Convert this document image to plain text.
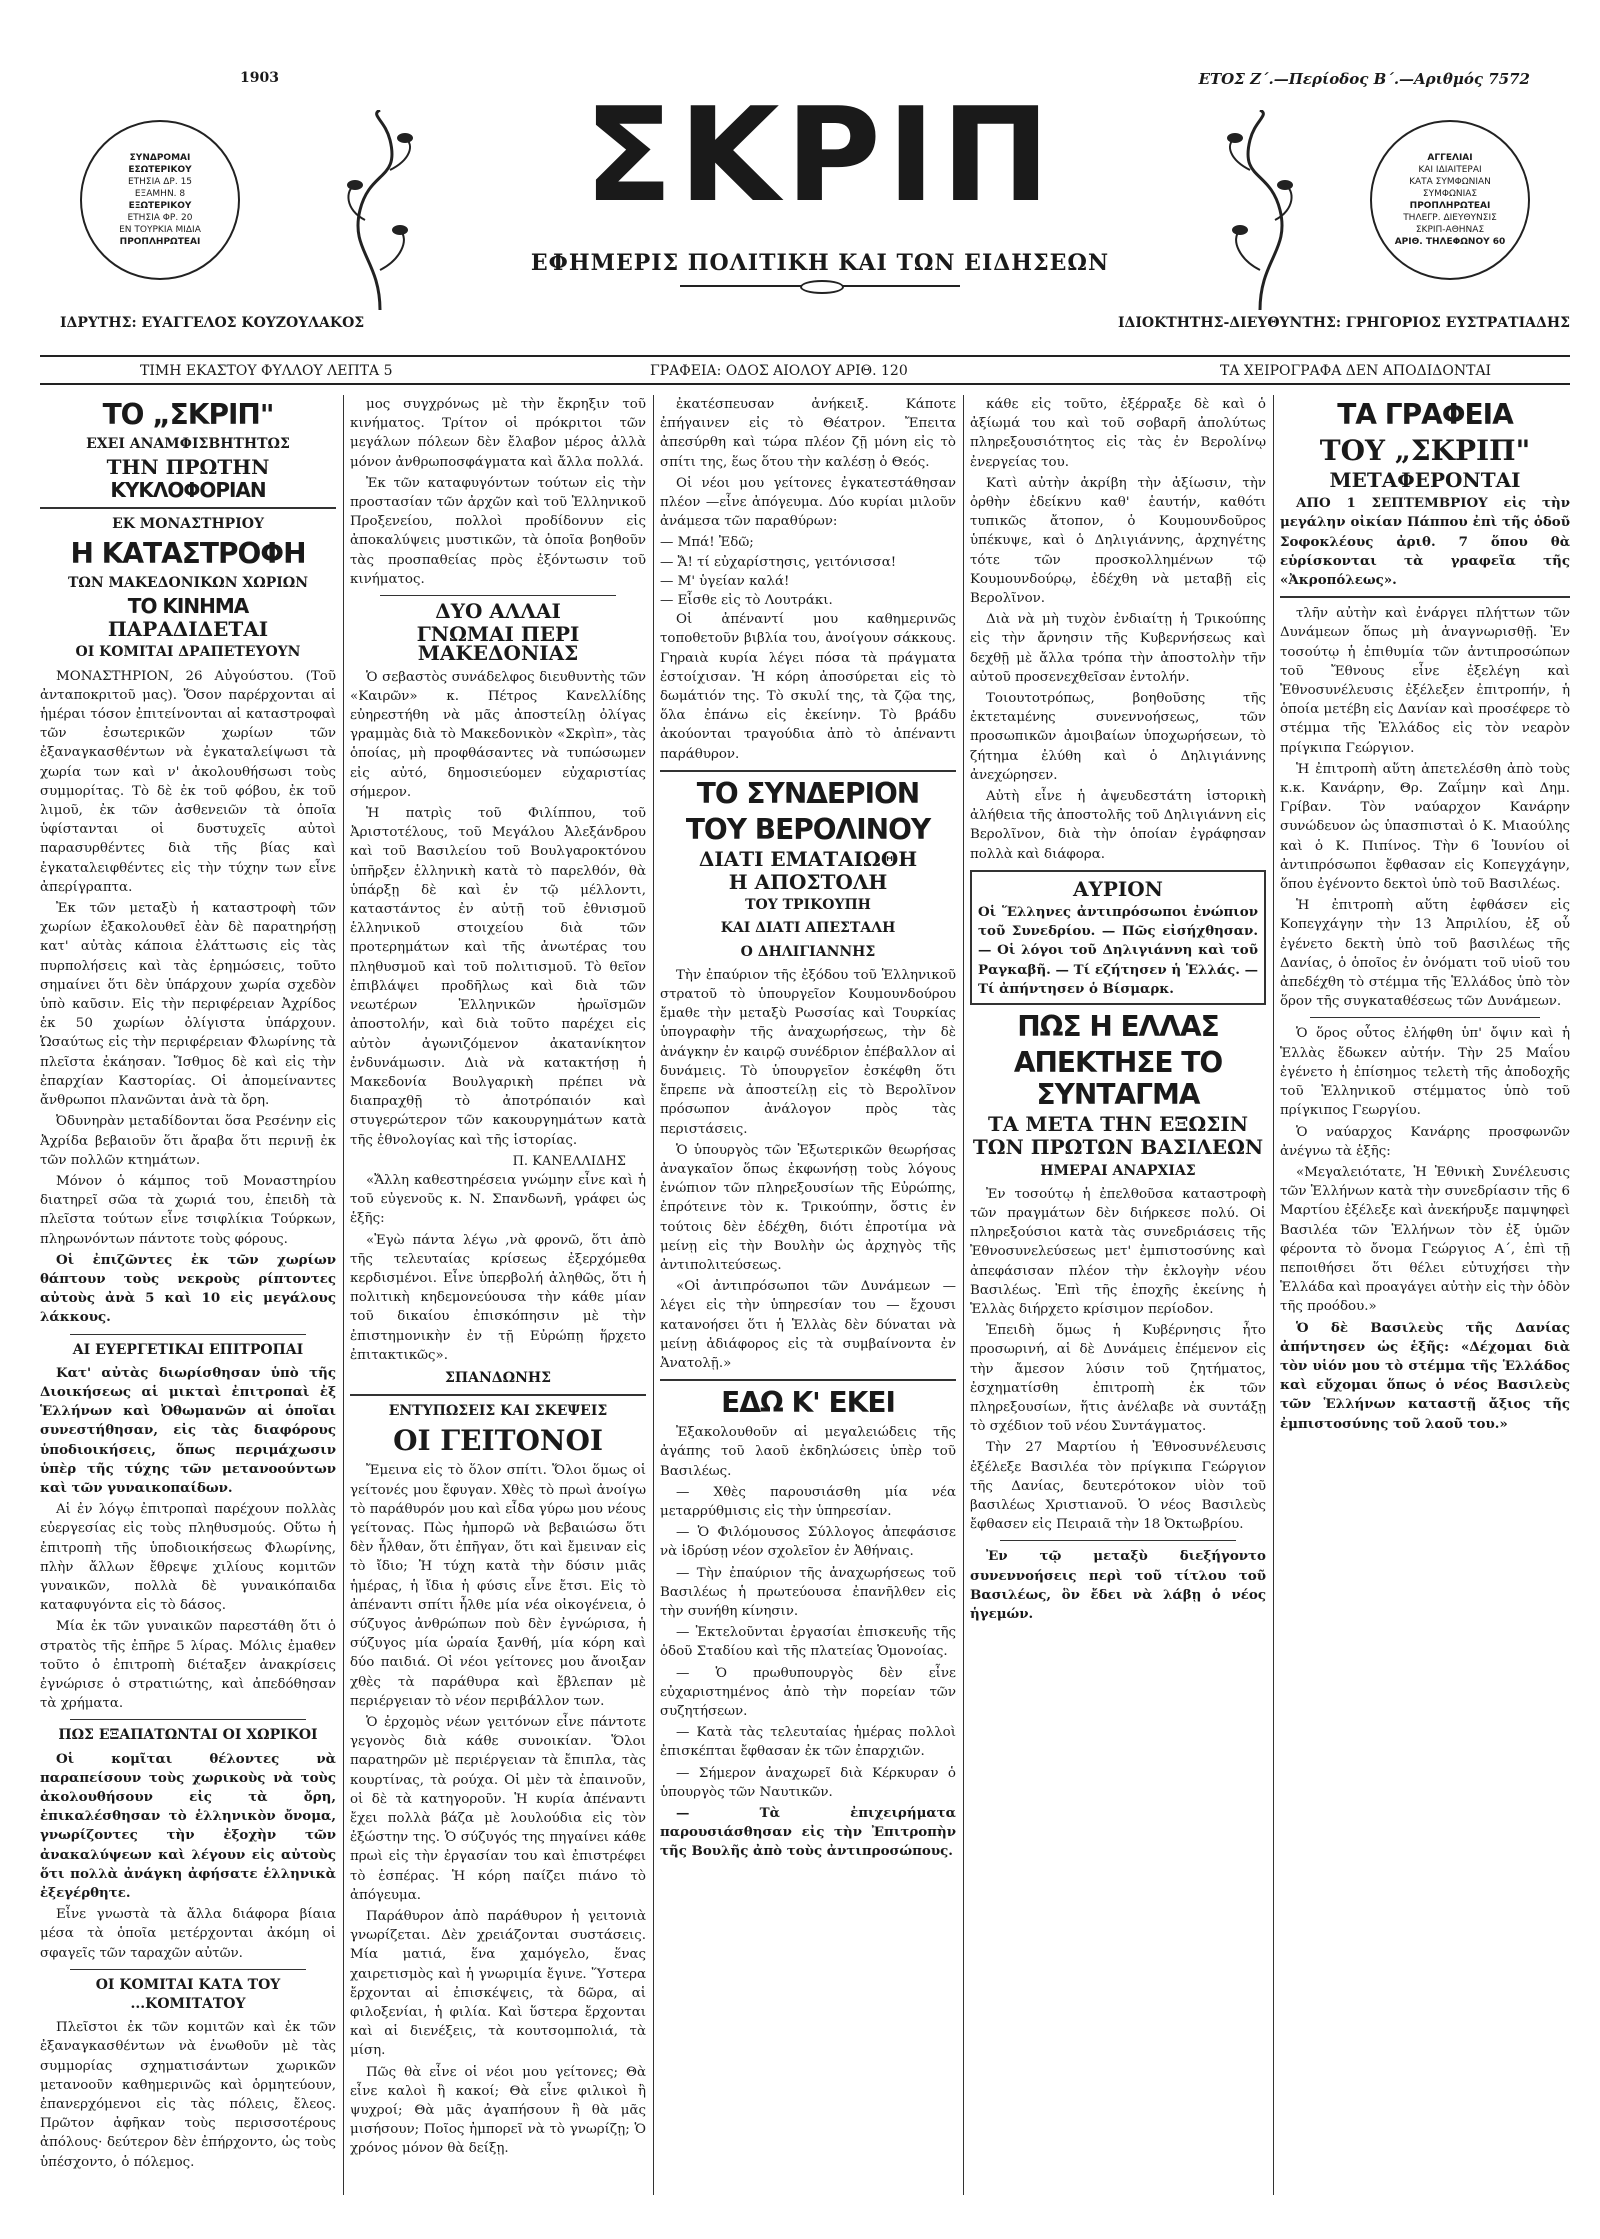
1903	ΕΤΟΣ Z΄.—Περίοδος Β΄.—Αριθμός 7572
ΣΥΝΔΡΟΜΑΙ
ΕΣΩΤΕΡΙΚΟΥ
ΕΤΗΣΙΑ ΔΡ. 15
ΕΞΑΜΗΝ. 8

ΕΞΩΤΕΡΙΚΟΥ
ΕΤΗΣΙΑ ΦΡ. 20
ΕΝ ΤΟΥΡΚΙΑ ΜΙΔΙΑ

ΠΡΟΠΛΗΡΩΤΕΑΙ
ΣΚΡΙΠ
ΕΦΗΜΕΡΙΣ ΠΟΛΙΤΙΚΗ ΚΑΙ ΤΩΝ ΕΙΔΗΣΕΩΝ
ΑΓΓΕΛΙΑΙ
ΚΑΙ ΙΔΙΑΙΤΕΡΑΙ
ΚΑΤΑ ΣΥΜΦΩΝΙΑΝ
ΣΥΜΦΩΝΙΑΣ

ΠΡΟΠΛΗΡΩΤΕΑΙ
ΤΗΛΕΓΡ. ΔΙΕΥΘΥΝΣΙΣ
ΣΚΡΙΠ-ΑΘΗΝΑΣ

ΑΡΙΘ. ΤΗΛΕΦΩΝΟΥ 60
ΙΔΡΥΤΗΣ: ΕΥΑΓΓΕΛΟΣ ΚΟΥΖΟΥΛΑΚΟΣ	ΙΔΙΟΚΤΗΤΗΣ-ΔΙΕΥΘΥΝΤΗΣ: ΓΡΗΓΟΡΙΟΣ ΕΥΣΤΡΑΤΙΑΔΗΣ
ΤΙΜΗ ΕΚΑΣΤΟΥ ΦΥΛΛΟΥ ΛΕΠΤΑ 5	ΓΡΑΦΕΙΑ: ΟΔΟΣ ΑΙΟΛΟΥ ΑΡΙΘ. 120	ΤΑ ΧΕΙΡΟΓΡΑΦΑ ΔΕΝ ΑΠΟΔΙΔΟΝΤΑΙ
ΤΟ „ΣΚΡΙΠ"
ΕΧΕΙ ΑΝΑΜΦΙΣΒΗΤΗΤΩΣ
ΤΗΝ ΠΡΩΤΗΝ
ΚΥΚΛΟΦΟΡΙΑΝ
ΕΚ ΜΟΝΑΣΤΗΡΙΟΥ
Η ΚΑΤΑΣΤΡΟΦΗ
ΤΩΝ ΜΑΚΕΔΟΝΙΚΩΝ ΧΩΡΙΩΝ
ΤΟ ΚΙΝΗΜΑ
ΠΑΡΑΔΙΔΕΤΑΙ
ΟΙ ΚΟΜΙΤΑΙ ΔΡΑΠΕΤΕΥΟΥΝ

ΜΟΝΑΣΤΗΡΙΟΝ, 26 Αὐγούστου. (Τοῦ ἀνταποκριτοῦ μας). Ὅσον παρέρχονται αἱ ἡμέραι τόσον ἐπιτείνονται αἱ καταστροφαὶ τῶν ἐσωτερικῶν χωρίων τῶν ἐξαναγκασθέντων νὰ ἐγκαταλείψωσι τὰ χωρία των καὶ ν' ἀκολουθήσωσι τοὺς συμμορίτας. Τὸ δὲ ἐκ τοῦ φόβου, ἐκ τοῦ λιμοῦ, ἐκ τῶν ἀσθενειῶν τὰ ὁποῖα ὑφίστανται οἱ δυστυχεῖς αὐτοὶ παρασυρθέντες διὰ τῆς βίας καὶ ἐγκαταλειφθέντες εἰς τὴν τύχην των εἶνε ἀπερίγραπτα.

Ἐκ τῶν μεταξὺ ἡ καταστροφὴ τῶν χωρίων ἐξακολουθεῖ ἐὰν δὲ παρατηρήσῃ κατ' αὐτὰς κάποια ἐλάττωσις εἰς τὰς πυρπολήσεις καὶ τὰς ἐρημώσεις, τοῦτο σημαίνει ὅτι δὲν ὑπάρχουν χωρία σχεδὸν ὑπὸ καῦσιν. Εἰς τὴν περιφέρειαν Ἀχρίδος ἐκ 50 χωρίων ὀλίγιστα ὑπάρχουν. Ὡσαύτως εἰς τὴν περιφέρειαν Φλωρίνης τὰ πλεῖστα ἐκάησαν. Ἴσθμος δὲ καὶ εἰς τὴν ἐπαρχίαν Καστορίας. Οἱ ἀπομείναντες ἄνθρωποι πλανῶνται ἀνὰ τὰ ὄρη.

Ὀδυνηρὰν μεταδίδονται ὅσα Ρεσένην εἰς Ἀχρίδα βεβαιοῦν ὅτι ἄραβα ὅτι περινῇ ἐκ τῶν πολλῶν κτημάτων.

Μόνον ὁ κάμπος τοῦ Μοναστηρίου διατηρεῖ σῶα τὰ χωριά του, ἐπειδὴ τὰ πλεῖστα τούτων εἶνε τσιφλίκια Τούρκων, πληρωνόντων πάντοτε τοὺς φόρους.

Οἱ ἐπιζῶντες ἐκ τῶν χωρίων θάπτουν τοὺς νεκροὺς ρίπτοντες αὐτοὺς ἀνὰ 5 καὶ 10 εἰς μεγάλους λάκκους.

ΑΙ ΕΥΕΡΓΕΤΙΚΑΙ ΕΠΙΤΡΟΠΑΙ

Κατ' αὐτὰς διωρίσθησαν ὑπὸ τῆς Διοικήσεως αἱ μικταὶ ἐπιτροπαὶ ἐξ Ἑλλήνων καὶ Ὀθωμανῶν αἱ ὁποῖαι συνεστήθησαν, εἰς τὰς διαφόρους ὑποδιοικήσεις, ὅπως περιμάχωσιν ὑπὲρ τῆς τύχης τῶν μετανοούντων καὶ τῶν γυναικοπαίδων.

Αἱ ἐν λόγῳ ἐπιτροπαὶ παρέχουν πολλὰς εὐεργεσίας εἰς τοὺς πληθυσμούς. Οὕτω ἡ ἐπιτροπὴ τῆς ὑποδιοικήσεως Φλωρίνης, πλὴν ἄλλων ἔθρεψε χιλίους κομιτῶν γυναικῶν, πολλὰ δὲ γυναικόπαιδα καταφυγόντα εἰς τὸ δάσος.

Μία ἐκ τῶν γυναικῶν παρεστάθη ὅτι ὁ στρατὸς τῆς ἐπῆρε 5 λίρας. Μόλις ἐμαθεν τοῦτο ὁ ἐπιτροπὴ διέταξεν ἀνακρίσεις ἐγνώρισε ὁ στρατιώτης, καὶ ἀπεδόθησαν τὰ χρήματα.

ΠΩΣ ΕΞΑΠΑΤΩΝΤΑΙ ΟΙ ΧΩΡΙΚΟΙ

Οἱ κομῖται θέλοντες νὰ παραπείσουν τοὺς χωρικοὺς νὰ τοὺς ἀκολουθήσουν εἰς τὰ ὄρη, ἐπικαλέσθησαν τὸ ἑλληνικὸν ὄνομα, γνωρίζοντες τὴν ἐξοχὴν τῶν ἀνακαλύψεων καὶ λέγουν εἰς αὐτοὺς ὅτι πολλὰ ἀνάγκη ἀφήσατε ἑλληνικὰ ἐξεγέρθητε.

Εἶνε γνωστὰ τὰ ἄλλα διάφορα βίαια μέσα τὰ ὁποῖα μετέρχονται ἀκόμη οἱ σφαγεῖς τῶν ταραχῶν αὐτῶν.

ΟΙ ΚΟΜΙΤΑΙ ΚΑΤΑ ΤΟΥ ...ΚΟΜΙΤΑΤΟΥ

Πλεῖστοι ἐκ τῶν κομιτῶν καὶ ἐκ τῶν ἐξαναγκασθέντων νὰ ἑνωθοῦν μὲ τὰς συμμορίας σχηματισάντων χωρικῶν μετανοοῦν καθημερινῶς καὶ ὁρμητεύουν, ἐπανερχόμενοι εἰς τὰς πόλεις, ἔλεος. Πρῶτον ἀφῆκαν τοὺς περισσοτέρους ἀπόλους· δεύτερον δὲν ἐπήρχοντο, ὡς τοὺς ὑπέσχοντο, ὁ πόλεμος.

μος συγχρόνως μὲ τὴν ἔκρηξιν τοῦ κινήματος. Τρίτον οἱ πρόκριτοι τῶν μεγάλων πόλεων δὲν ἔλαβον μέρος ἀλλὰ μόνον ἀνθρωποσφάγματα καὶ ἄλλα πολλά.

Ἐκ τῶν καταφυγόντων τούτων εἰς τὴν προστασίαν τῶν ἀρχῶν καὶ τοῦ Ἑλληνικοῦ Προξενείου, πολλοὶ προδίδονυν εἰς ἀποκαλύψεις μυστικῶν, τὰ ὁποῖα βοηθοῦν τὰς προσπαθείας πρὸς ἐξόντωσιν τοῦ κινήματος.

ΔΥΟ ΑΛΛΑΙ
ΓΝΩΜΑΙ ΠΕΡΙ ΜΑΚΕΔΟΝΙΑΣ

Ὁ σεβαστὸς συνάδελφος διευθυντὴς τῶν «Καιρῶν» κ. Πέτρος Κανελλίδης εὐηρεστήθη νὰ μᾶς ἀποστείλῃ ὀλίγας γραμμὰς διὰ τὸ Μακεδονικὸν «Σκρὶπ», τὰς ὁποίας, μὴ προφθάσαντες νὰ τυπώσωμεν εἰς αὐτό, δημοσιεύομεν εὐχαριστίας σήμερον.

Ἡ πατρὶς τοῦ Φιλίππου, τοῦ Ἀριστοτέλους, τοῦ Μεγάλου Ἀλεξάνδρου καὶ τοῦ Βασιλείου τοῦ Βουλγαροκτόνου ὑπῆρξεν ἑλληνικὴ κατὰ τὸ παρελθόν, θὰ ὑπάρξῃ δὲ καὶ ἐν τῷ μέλλοντι, καταστάντος ἐν αὐτῇ τοῦ ἐθνισμοῦ ἑλληνικοῦ στοιχείου διὰ τῶν προτερημάτων καὶ τῆς ἀνωτέρας του πληθυσμοῦ καὶ τοῦ πολιτισμοῦ. Τὸ θεῖον ἐπιβλάψει προδῆλως καὶ διὰ τῶν νεωτέρων Ἑλληνικῶν ἠρωϊσμῶν ἀποστολήν, καὶ διὰ τοῦτο παρέχει εἰς αὐτὸν ἀγωνιζόμενον ἀκατανίκητον ἐνδυνάμωσιν. Διὰ νὰ κατακτήσῃ ἡ Μακεδονία Βουλγαρικὴ πρέπει νὰ διαπραχθῇ τὸ ἀποτρόπαιόν καὶ στυγερώτερον τῶν κακουργημάτων κατὰ τῆς ἐθνολογίας καὶ τῆς ἱστορίας.

Π. ΚΑΝΕΛΛΙΔΗΣ

«Ἄλλη καθεστηρέσεια γνώμην εἶνε καὶ ἡ τοῦ εὐγενοῦς κ. Ν. Σπανδωνῆ, γράφει ὡς ἑξῆς:

«Ἐγὼ πάντα λέγω ,νὰ φρονῶ, ὅτι ἀπὸ τῆς τελευταίας κρίσεως ἐξερχόμεθα κερδισμένοι. Εἶνε ὑπερβολή ἀληθῶς, ὅτι ἡ πολιτικὴ κηδεμονεύουσα τὴν κάθε μίαν τοῦ δικαίου ἐπισκόπησιν μὲ τὴν ἐπιστημονικὴν ἐν τῇ Εὐρώπῃ ἥρχετο ἐπιτακτικῶς».

ΣΠΑΝΔΩΝΗΣ
ΕΝΤΥΠΩΣΕΙΣ ΚΑΙ ΣΚΕΨΕΙΣ
ΟΙ ΓΕΙΤΟΝΟΙ

Ἔμεινα εἰς τὸ ὅλον σπίτι. Ὅλοι ὅμως οἱ γείτονές μου ἔφυγαν. Χθὲς τὸ πρωὶ ἀνοίγω τὸ παράθυρόν μου καὶ εἶδα γύρω μου νέους γείτονας. Πὼς ἠμπορῶ νὰ βεβαιώσω ὅτι δὲν ἦλθαν, ὅτι ἐπῆγαν, ὅτι καὶ ἔμειναν εἰς τὸ ἴδιο; Ἡ τύχη κατὰ τὴν δύσιν μιᾶς ἡμέρας, ἡ ἴδια ἡ φύσις εἶνε ἔτσι. Εἰς τὸ ἀπέναντι σπίτι ἦλθε μία νέα οἰκογένεια, ὁ σύζυγος ἀνθρώπων ποὺ δὲν ἐγνώρισα, ἡ σύζυγος μία ὡραία ξανθή, μία κόρη καὶ δύο παιδιά. Οἱ νέοι γείτονες μου ἄνοιξαν χθὲς τὰ παράθυρα καὶ ἔβλεπαν μὲ περιέργειαν τὸ νέον περιβάλλον των.

Ὁ ἐρχομὸς νέων γειτόνων εἶνε πάντοτε γεγονὸς διὰ κάθε συνοικίαν. Ὅλοι παρατηρῶν μὲ περιέργειαν τὰ ἔπιπλα, τὰς κουρτίνας, τὰ ρούχα. Οἱ μὲν τὰ ἐπαινοῦν, οἱ δὲ τὰ κατηγοροῦν. Ἡ κυρία ἀπέναντι ἔχει πολλὰ βάζα μὲ λουλούδια εἰς τὸν ἐξώστην της. Ὁ σύζυγός της πηγαίνει κάθε πρωὶ εἰς τὴν ἐργασίαν του καὶ ἐπιστρέφει τὸ ἑσπέρας. Ἡ κόρη παίζει πιάνο τὸ ἀπόγευμα.

Παράθυρον ἀπὸ παράθυρον ἡ γειτονιὰ γνωρίζεται. Δὲν χρειάζονται συστάσεις. Μία ματιά, ἕνα χαμόγελο, ἕνας χαιρετισμὸς καὶ ἡ γνωριμία ἔγινε. Ὕστερα ἔρχονται αἱ ἐπισκέψεις, τὰ δῶρα, αἱ φιλοξενίαι, ἡ φιλία. Καὶ ὕστερα ἔρχονται καὶ αἱ διενέξεις, τὰ κουτσομπολιά, τὰ μίση.

Πῶς θὰ εἶνε οἱ νέοι μου γείτονες; Θὰ εἶνε καλοὶ ἢ κακοί; Θὰ εἶνε φιλικοὶ ἢ ψυχροί; Θὰ μᾶς ἀγαπήσουν ἢ θὰ μᾶς μισήσουν; Ποῖος ἠμπορεῖ νὰ τὸ γνωρίζῃ; Ὁ χρόνος μόνον θὰ δείξῃ.

ἐκατέσπευσαν ἀνήκειξ. Κάποτε ἐπήγαινεν εἰς τὸ Θέατρον. Ἔπειτα ἀπεσύρθη καὶ τώρα πλέον ζῇ μόνη εἰς τὸ σπίτι της, ἕως ὅτου τὴν καλέσῃ ὁ Θεός.

Οἱ νέοι μου γείτονες ἐγκατεστάθησαν πλέον —εἶνε ἀπόγευμα. Δύο κυρίαι μιλοῦν ἀνάμεσα τῶν παραθύρων:

— Μπά! Ἐδῶ;

— Ἄ! τί εὐχαρίστησις, γειτόνισσα!

— Μ' ὑγείαν καλά!

— Εἶσθε εἰς τὸ Λουτράκι.

Οἱ ἀπέναντί μου καθημερινῶς τοποθετοῦν βιβλία του, ἀνοίγουν σάκκους. Γηραιὰ κυρία λέγει πόσα τὰ πράγματα ἐστοίχισαν. Ἡ κόρη ἀποσύρεται εἰς τὸ δωμάτιόν της. Τὸ σκυλί της, τὰ ζῷα της, ὅλα ἐπάνω εἰς ἐκείνην. Τὸ βράδυ ἀκούονται τραγούδια ἀπὸ τὸ ἀπέναντι παράθυρον.

ΤΟ ΣΥΝΔΕΡΙΟΝ
ΤΟΥ ΒΕΡΟΛΙΝΟΥ
ΔΙΑΤΙ ΕΜΑΤΑΙΩΘΗ
Η ΑΠΟΣΤΟΛΗ
ΤΟΥ ΤΡΙΚΟΥΠΗ
ΚΑΙ ΔΙΑΤΙ ΑΠΕΣΤΑΛΗ
Ο ΔΗΛΙΓΙΑΝΝΗΣ

Τὴν ἐπαύριον τῆς ἐξόδου τοῦ Ἑλληνικοῦ στρατοῦ τὸ ὑπουργεῖον Κουμουνδούρου ἔμαθε τὴν μεταξὺ Ρωσσίας καὶ Τουρκίας ὑπογραφὴν τῆς ἀναχωρήσεως, τὴν δὲ ἀνάγκην ἐν καιρῷ συνέδριον ἐπέβαλλον αἱ δυνάμεις. Τὸ ὑπουργεῖον ἐσκέφθη ὅτι ἔπρεπε νὰ ἀποστείλῃ εἰς τὸ Βερολῖνον πρόσωπον ἀνάλογον πρὸς τὰς περιστάσεις.

Ὁ ὑπουργὸς τῶν Ἐξωτερικῶν θεωρήσας ἀναγκαῖον ὅπως ἐκφωνήσῃ τοὺς λόγους ἐνώπιον τῶν πληρεξουσίων τῆς Εὐρώπης, ἐπρότεινε τὸν κ. Τρικούπην, ὅστις ἐν τούτοις δὲν ἐδέχθη, διότι ἐπροτίμα νὰ μείνῃ εἰς τὴν Βουλὴν ὡς ἀρχηγὸς τῆς ἀντιπολιτεύσεως.

«Οἱ ἀντιπρόσωποι τῶν Δυνάμεων — λέγει εἰς τὴν ὑπηρεσίαν του — ἔχουσι κατανοήσει ὅτι ἡ Ἑλλὰς δὲν δύναται νὰ μείνῃ ἀδιάφορος εἰς τὰ συμβαίνοντα ἐν Ἀνατολῇ.»

ΕΔΩ Κ' ΕΚΕΙ

Ἐξακολουθοῦν αἱ μεγαλειώδεις τῆς ἀγάπης τοῦ λαοῦ ἐκδηλώσεις ὑπὲρ τοῦ Βασιλέως.

— Χθὲς παρουσιάσθη μία νέα μεταρρύθμισις εἰς τὴν ὑπηρεσίαν.

— Ὁ Φιλόμουσος Σύλλογος ἀπεφάσισε νὰ ἱδρύσῃ νέον σχολεῖον ἐν Ἀθήναις.

— Τὴν ἐπαύριον τῆς ἀναχωρήσεως τοῦ Βασιλέως ἡ πρωτεύουσα ἐπανῆλθεν εἰς τὴν συνήθη κίνησιν.

— Ἐκτελοῦνται ἐργασίαι ἐπισκευῆς τῆς ὁδοῦ Σταδίου καὶ τῆς πλατείας Ὁμονοίας.

— Ὁ πρωθυπουργὸς δὲν εἶνε εὐχαριστημένος ἀπὸ τὴν πορείαν τῶν συζητήσεων.

— Κατὰ τὰς τελευταίας ἡμέρας πολλοὶ ἐπισκέπται ἔφθασαν ἐκ τῶν ἐπαρχιῶν.

— Σήμερον ἀναχωρεῖ διὰ Κέρκυραν ὁ ὑπουργὸς τῶν Ναυτικῶν.

— Τὰ ἐπιχειρήματα παρουσιάσθησαν εἰς τὴν Ἐπιτροπὴν τῆς Βουλῆς ἀπὸ τοὺς ἀντιπροσώπους.

κάθε εἰς τοῦτο, ἐξέρραξε δὲ καὶ ὁ ἀξίωμά του καὶ τοῦ σοβαρῆ ἀπολύτως πληρεξουσιότητος εἰς τὰς ἐν Βερολίνῳ ἐνεργείας του.

Κατὶ αὐτὴν ἀκρίβη τὴν ἀξίωσιν, τὴν ὀρθὴν ἐδείκνυ καθ' ἑαυτήν, καθότι τυπικῶς ἄτοπον, ὁ Κουμουνδοῦρος ὑπέκυψε, καὶ ὁ Δηλιγιάννης, ἀρχηγέτης τότε τῶν προσκολλημένων τῷ Κουμουνδούρῳ, ἐδέχθη νὰ μεταβῇ εἰς Βερολῖνον.

Διὰ νὰ μὴ τυχὸν ἐνδιαίτῃ ἡ Τρικούπης εἰς τὴν ἄρνησιν τῆς Κυβερνήσεως καὶ δεχθῇ μὲ ἄλλα τρόπα τὴν ἀποστολὴν τῆν αὐτοῦ προσενεχθεῖσαν ἐντολήν.

Τοιουτοτρόπως, βοηθοῦσης τῆς ἐκτεταμένης συνεννοήσεως, τῶν προσωπικῶν ἀμοιβαίων ὑποχωρήσεων, τὸ ζήτημα ἐλύθη καὶ ὁ Δηλιγιάννης ἀνεχώρησεν.

Αὐτὴ εἶνε ἡ ἀψευδεστάτη ἱστορικὴ ἀλήθεια τῆς ἀποστολῆς τοῦ Δηλιγιάννη εἰς Βερολῖνον, διὰ τὴν ὁποίαν ἐγράφησαν πολλὰ καὶ διάφορα.

ΑΥΡΙΟΝ

Οἱ Ἕλληνες ἀντιπρόσωποι ἐνώπιον τοῦ Συνεδρίου. — Πῶς εἰσήχθησαν. — Οἱ λόγοι τοῦ Δηλιγιάννη καὶ τοῦ Ραγκαβῆ. — Τί εζήτησεν ἡ Ἑλλάς. — Τί ἀπήντησεν ὁ Βίσμαρκ.

ΠΩΣ Η ΕΛΛΑΣ
ΑΠΕΚΤΗΣΕ ΤΟ ΣΥΝΤΑΓΜΑ
ΤΑ ΜΕΤΑ ΤΗΝ ΕΞΩΣΙΝ
ΤΩΝ ΠΡΩΤΩΝ ΒΑΣΙΛΕΩΝ
ΗΜΕΡΑΙ ΑΝΑΡΧΙΑΣ

Ἐν τοσούτῳ ἡ ἐπελθοῦσα καταστροφὴ τῶν πραγμάτων δὲν διήρκεσε πολύ. Οἱ πληρεξούσιοι κατὰ τὰς συνεδριάσεις τῆς Ἐθνοσυνελεύσεως μετ' ἐμπιστοσύνης καὶ ἀπεφάσισαν πλέον τὴν ἐκλογὴν νέου Βασιλέως. Ἐπὶ τῆς ἐποχῆς ἐκείνης ἡ Ἑλλὰς διήρχετο κρίσιμον περίοδον.

Ἐπειδὴ ὅμως ἡ Κυβέρνησις ἦτο προσωρινή, αἱ δὲ Δυνάμεις ἐπέμενον εἰς τὴν ἄμεσον λύσιν τοῦ ζητήματος, ἐσχηματίσθη ἐπιτροπὴ ἐκ τῶν πληρεξουσίων, ἥτις ἀνέλαβε νὰ συντάξῃ τὸ σχέδιον τοῦ νέου Συντάγματος.

Τὴν 27 Μαρτίου ἡ Ἐθνοσυνέλευσις ἐξέλεξε Βασιλέα τὸν πρίγκιπα Γεώργιον τῆς Δανίας, δευτερότοκον υἱὸν τοῦ βασιλέως Χριστιανοῦ. Ὁ νέος Βασιλεὺς ἔφθασεν εἰς Πειραιᾶ τὴν 18 Ὀκτωβρίου.

Ἐν τῷ μεταξὺ διεξήγοντο συνεννοήσεις περὶ τοῦ τίτλου τοῦ Βασιλέως, ὃν ἔδει νὰ λάβῃ ὁ νέος ἡγεμών.

ΤΑ ΓΡΑΦΕΙΑ
ΤΟΥ „ΣΚΡΙΠ"
ΜΕΤΑΦΕΡΟΝΤΑΙ

ΑΠΟ 1 ΣΕΠΤΕΜΒΡΙΟΥ εἰς τὴν μεγάλην οἰκίαν Πάππου ἐπὶ τῆς ὁδοῦ Σοφοκλέους ἀριθ. 7 ὅπου θὰ εὑρίσκονται τὰ γραφεῖα τῆς «Ἀκροπόλεως».

τλῆν αὐτὴν καὶ ἐνάργει πλήττων τῶν Δυνάμεων ὅπως μὴ ἀναγνωρισθῇ. Ἐν τοσούτῳ ἡ ἐπιθυμία τῶν ἀντιπροσώπων τοῦ Ἔθνους εἶνε ἐξελέγη καὶ Ἐθνοσυνέλευσις ἐξέλεξεν ἐπιτροπήν, ἡ ὁποία μετέβη εἰς Δανίαν καὶ προσέφερε τὸ στέμμα τῆς Ἑλλάδος εἰς τὸν νεαρὸν πρίγκιπα Γεώργιον.

Ἡ ἐπιτροπὴ αὕτη ἀπετελέσθη ἀπὸ τοὺς κ.κ. Κανάρην, Θρ. Ζαΐμην καὶ Δημ. Γρίβαν. Τὸν ναύαρχον Κανάρην συνώδευον ὡς ὑπασπισταὶ ὁ Κ. Μιαούλης καὶ ὁ Κ. Πιπίνος. Τὴν 6 Ἰουνίου οἱ ἀντιπρόσωποι ἔφθασαν εἰς Κοπεγχάγην, ὅπου ἐγένοντο δεκτοὶ ὑπὸ τοῦ Βασιλέως.

Ἡ ἐπιτροπὴ αὕτη ἐφθάσεν εἰς Κοπεγχάγην τὴν 13 Ἀπριλίου, ἐξ οὗ ἐγένετο δεκτὴ ὑπὸ τοῦ βασιλέως τῆς Δανίας, ὁ ὁποῖος ἐν ὀνόματι τοῦ υἱοῦ του ἀπεδέχθη τὸ στέμμα τῆς Ἑλλάδος ὑπὸ τὸν ὅρον τῆς συγκαταθέσεως τῶν Δυνάμεων.

Ὁ ὅρος οὗτος ἐλήφθη ὑπ' ὄψιν καὶ ἡ Ἑλλὰς ἔδωκεν αὐτήν. Τὴν 25 Μαΐου ἐγένετο ἡ ἐπίσημος τελετὴ τῆς ἀποδοχῆς τοῦ Ἑλληνικοῦ στέμματος ὑπὸ τοῦ πρίγκιπος Γεωργίου.

Ὁ ναύαρχος Κανάρης προσφωνῶν ἀνέγνω τὰ ἑξῆς:

«Μεγαλειότατε, Ἡ Ἐθνικὴ Συνέλευσις τῶν Ἑλλήνων κατὰ τὴν συνεδρίασιν τῆς 6 Μαρτίου ἐξέλεξε καὶ ἀνεκήρυξε παμψηφεὶ Βασιλέα τῶν Ἑλλήνων τὸν ἐξ ὑμῶν φέροντα τὸ ὄνομα Γεώργιος Α΄, ἐπὶ τῇ πεποιθήσει ὅτι θέλει εὐτυχήσει τὴν Ἑλλάδα καὶ προαγάγει αὐτὴν εἰς τὴν ὁδὸν τῆς προόδου.»

Ὁ δὲ Βασιλεὺς τῆς Δανίας ἀπήντησεν ὡς ἑξῆς: «Δέχομαι διὰ τὸν υἱόν μου τὸ στέμμα τῆς Ἑλλάδος καὶ εὔχομαι ὅπως ὁ νέος Βασιλεὺς τῶν Ἑλλήνων καταστῇ ἄξιος τῆς ἐμπιστοσύνης τοῦ λαοῦ του.»
